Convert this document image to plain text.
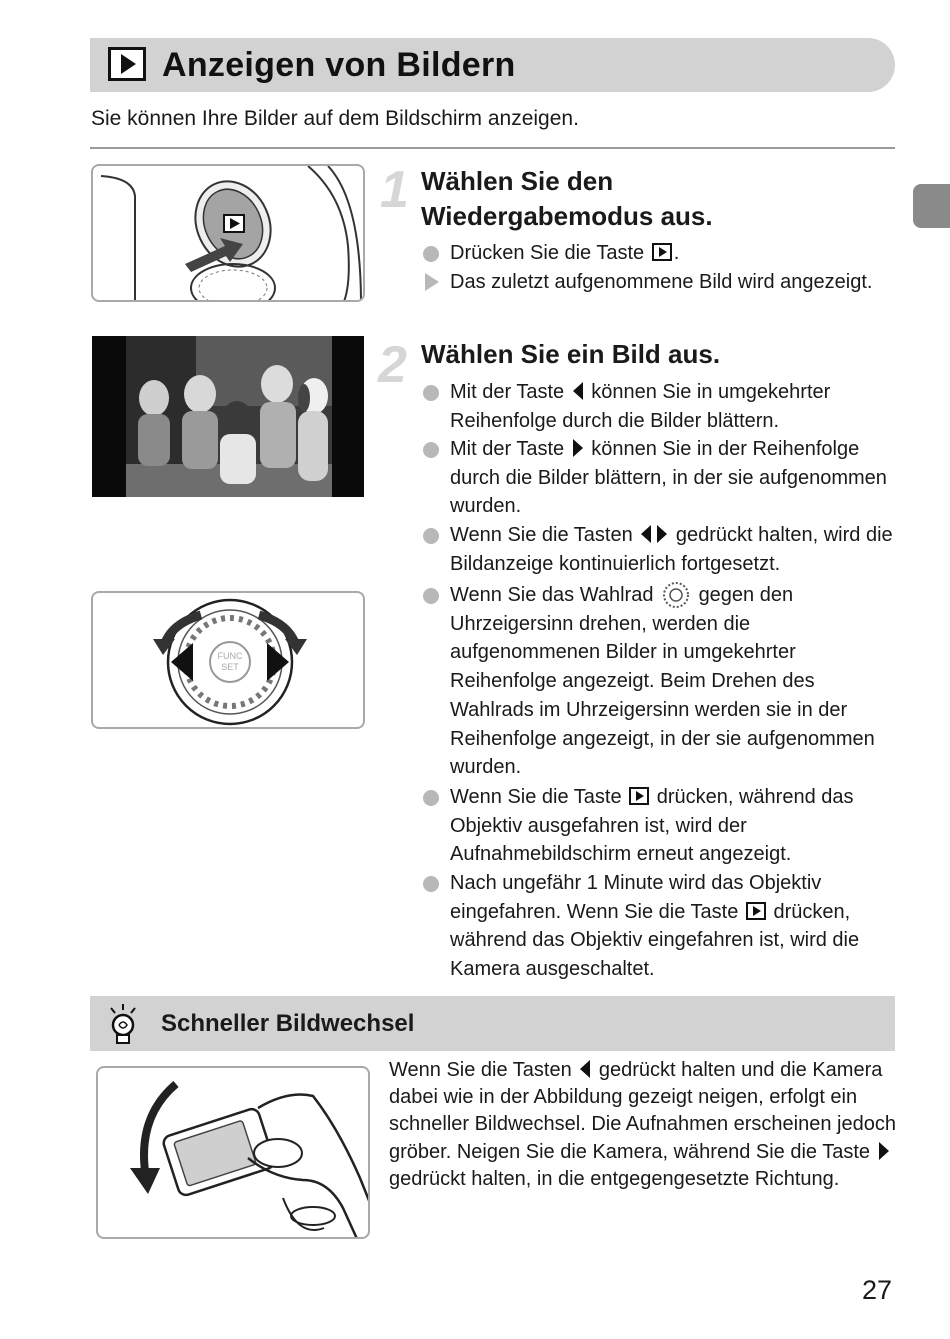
Anzeigen von Bildern
Sie können Ihre Bilder auf dem Bildschirm anzeigen.
FUNC
SET
1 Wählen Sie den
Wiedergabemodus aus.
Drücken Sie die Taste .
Das zuletzt aufgenommene Bild wird angezeigt.
2 Wählen Sie ein Bild aus.
Mit der Taste können Sie in umgekehrter Reihenfolge durch die Bilder blättern.
Mit der Taste können Sie in der Reihenfolge durch die Bilder blättern, in der sie aufgenommen wurden.
Wenn Sie die Tasten gedrückt halten, wird die Bildanzeige kontinuierlich fortgesetzt.
Wenn Sie das Wahlrad gegen den Uhrzeigersinn drehen, werden die aufgenommenen Bilder in umgekehrter Reihenfolge angezeigt. Beim Drehen des Wahlrads im Uhrzeigersinn werden sie in der Reihenfolge angezeigt, in der sie aufgenommen wurden.
Wenn Sie die Taste drücken, während das Objektiv ausgefahren ist, wird der Aufnahmebildschirm erneut angezeigt.
Nach ungefähr 1 Minute wird das Objektiv eingefahren. Wenn Sie die Taste drücken, während das Objektiv eingefahren ist, wird die Kamera ausgeschaltet.
Schneller Bildwechsel
Wenn Sie die Tasten gedrückt halten und die Kamera dabei wie in der Abbildung gezeigt neigen, erfolgt ein schneller Bildwechsel. Die Aufnahmen erscheinen jedoch gröber. Neigen Sie die Kamera, während Sie die Taste  gedrückt halten, in die entgegengesetzte Richtung.
27
